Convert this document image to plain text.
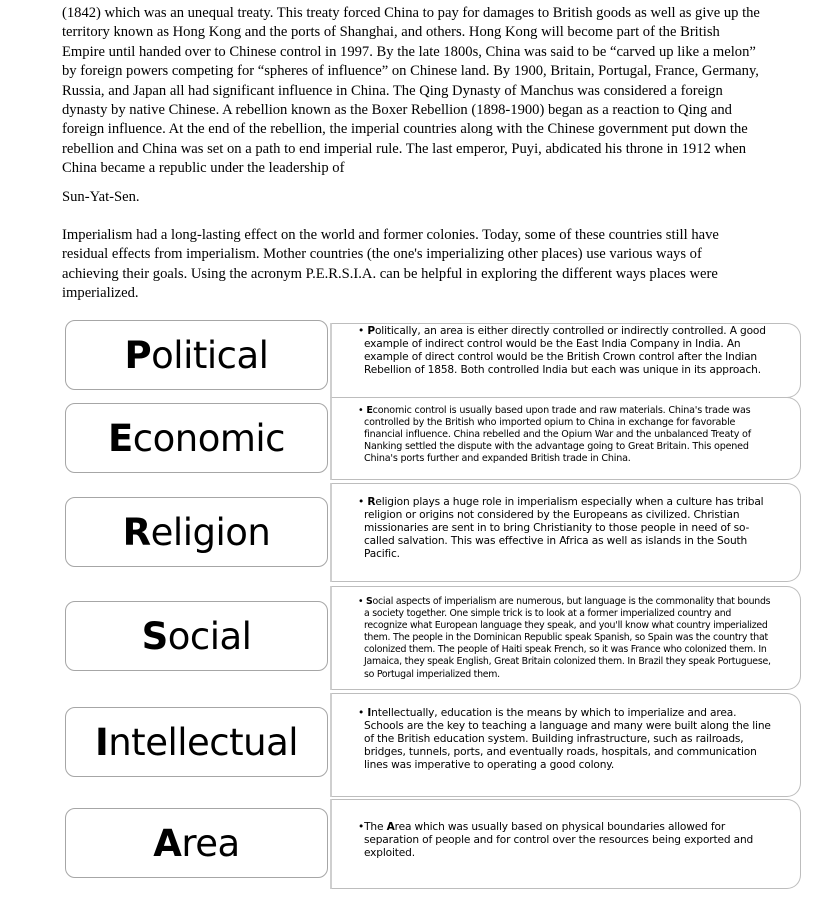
(1842) which was an unequal treaty. This treaty forced China to pay for damages to British goods as well as give up the territory known as Hong Kong and the ports of Shanghai, and others. Hong Kong will become part of the British Empire until handed over to Chinese control in 1997. By the late 1800s, China was said to be “carved up like a melon” by foreign powers competing for “spheres of influence” on Chinese land. By 1900, Britain, Portugal, France, Germany, Russia, and Japan all had significant influence in China. The Qing Dynasty of Manchus was considered a foreign dynasty by native Chinese. A rebellion known as the Boxer Rebellion (1898-1900) began as a reaction to Qing and foreign influence. At the end of the rebellion, the imperial countries along with the Chinese government put down the rebellion and China was set on a path to end imperial rule. The last emperor, Puyi, abdicated his throne in 1912 when China became a republic under the leadership of

Sun-Yat-Sen.

Imperialism had a long-lasting effect on the world and former colonies. Today, some of these countries still have residual effects from imperialism. Mother countries (the one's imperializing other places) use various ways of achieving their goals. Using the acronym P.E.R.S.I.A. can be helpful in exploring the different ways places were imperialized.

Political
• Politically, an area is either directly controlled or indirectly controlled. A good example of indirect control would be the East India Company in India. An example of direct control would be the British Crown control after the Indian Rebellion of 1858. Both controlled India but each was unique in its approach.
Economic
• Economic control is usually based upon trade and raw materials. China's trade was controlled by the British who imported opium to China in exchange for favorable financial influence. China rebelled and the Opium War and the unbalanced Treaty of Nanking settled the dispute with the advantage going to Great Britain. This opened China's ports further and expanded British trade in China.
Religion
• Religion plays a huge role in imperialism especially when a culture has tribal religion or origins not considered by the Europeans as civilized. Christian missionaries are sent in to bring Christianity to those people in need of so-called salvation. This was effective in Africa as well as islands in the South Pacific.
Social
• Social aspects of imperialism are numerous, but language is the commonality that bounds a society together. One simple trick is to look at a former imperialized country and recognize what European language they speak, and you'll know what country imperialized them. The people in the Dominican Republic speak Spanish, so Spain was the country that colonized them. The people of Haiti speak French, so it was France who colonized them. In Jamaica, they speak English, Great Britain colonized them. In Brazil they speak Portuguese, so Portugal imperialized them.
Intellectual
• Intellectually, education is the means by which to imperialize and area. Schools are the key to teaching a language and many were built along the line of the British education system. Building infrastructure, such as railroads, bridges, tunnels, ports, and eventually roads, hospitals, and communication lines was imperative to operating a good colony.
Area	•The Area which was usually based on physical boundaries allowed for separation of people and for control over the resources being exported and exploited.
